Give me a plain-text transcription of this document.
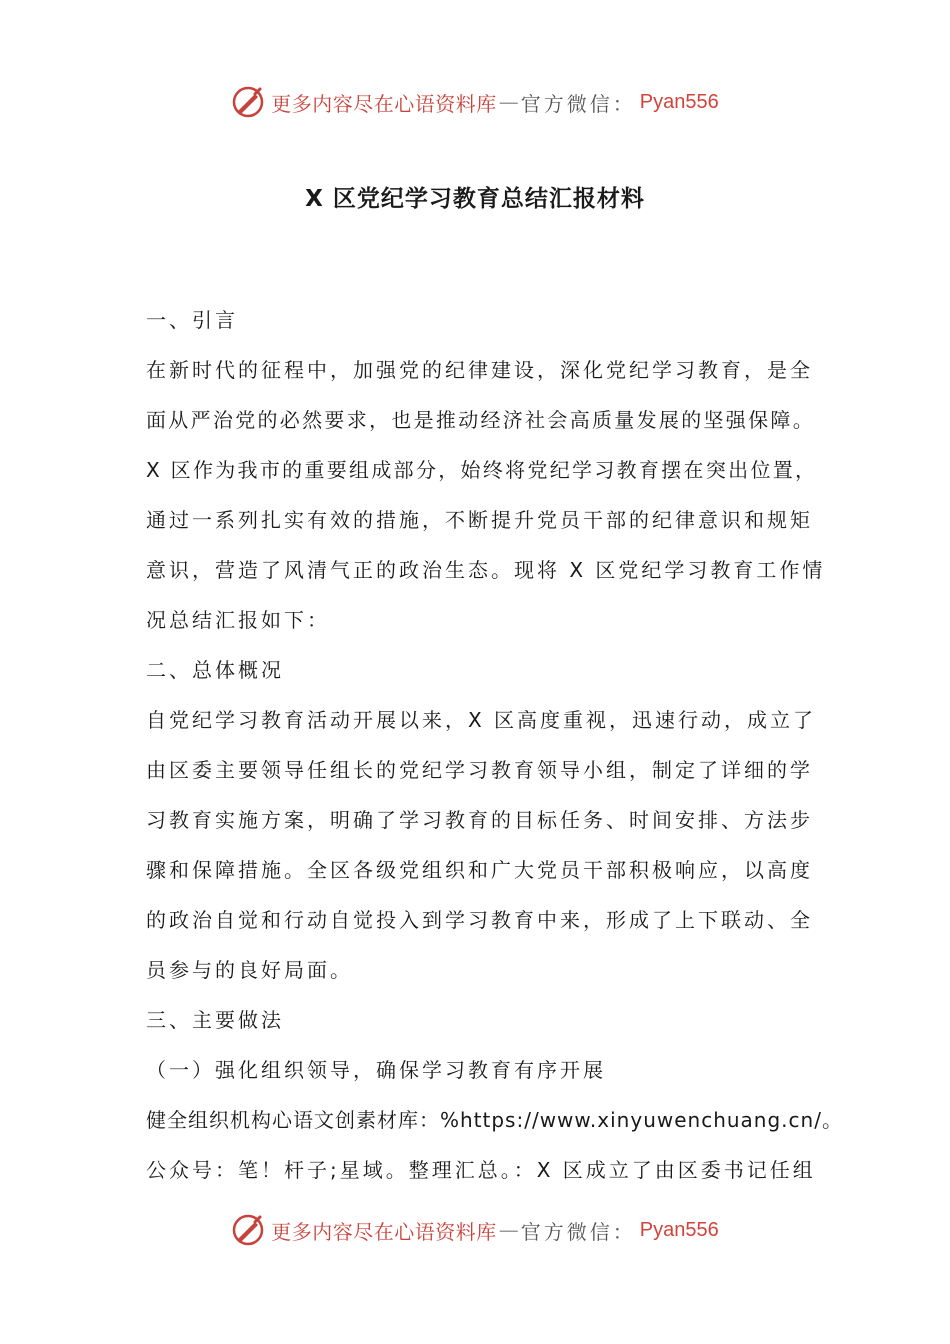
更多内容尽在心语资料库 — 官方微信： Pyan556
X 区党纪学习教育总结汇报材料
一、引言
在新时代的征程中，加强党的纪律建设，深化党纪学习教育，是全
面从严治党的必然要求，也是推动经济社会高质量发展的坚强保障。
X 区作为我市的重要组成部分，始终将党纪学习教育摆在突出位置，
通过一系列扎实有效的措施，不断提升党员干部的纪律意识和规矩
意识，营造了风清气正的政治生态。现将 X 区党纪学习教育工作情
况总结汇报如下：
二、总体概况
自党纪学习教育活动开展以来，X 区高度重视，迅速行动，成立了
由区委主要领导任组长的党纪学习教育领导小组，制定了详细的学
习教育实施方案，明确了学习教育的目标任务、时间安排、方法步
骤和保障措施。全区各级党组织和广大党员干部积极响应，以高度
的政治自觉和行动自觉投入到学习教育中来，形成了上下联动、全
员参与的良好局面。
三、主要做法
（一）强化组织领导，确保学习教育有序开展
健全组织机构心语文创素材库：%https://www.xinyuwenchuang.cn/。
公众号：笔！杆子;星域。整理汇总。：X 区成立了由区委书记任组
更多内容尽在心语资料库 — 官方微信： Pyan556
